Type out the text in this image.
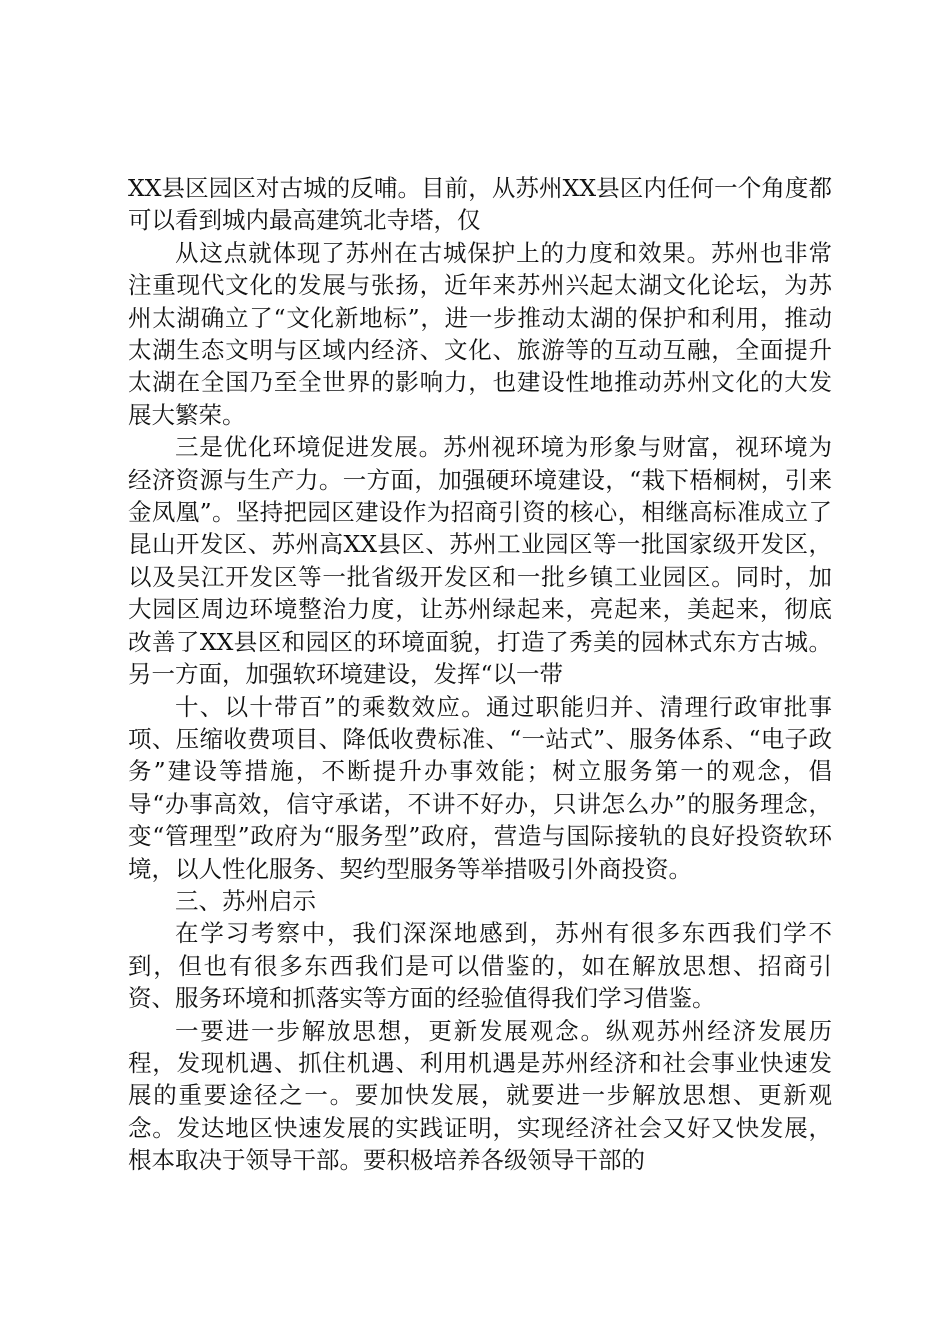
XX县区园区对古城的反哺。目前，从苏州XX县区内任何一个角度都可以看到城内最高建筑北寺塔，仅

从这点就体现了苏州在古城保护上的力度和效果。苏州也非常注重现代文化的发展与张扬，近年来苏州兴起太湖文化论坛，为苏州太湖确立了“文化新地标”，进一步推动太湖的保护和利用，推动太湖生态文明与区域内经济、文化、旅游等的互动互融，全面提升太湖在全国乃至全世界的影响力，也建设性地推动苏州文化的大发展大繁荣。

三是优化环境促进发展。苏州视环境为形象与财富，视环境为经济资源与生产力。一方面，加强硬环境建设，“栽下梧桐树，引来金凤凰”。坚持把园区建设作为招商引资的核心，相继高标准成立了昆山开发区、苏州高XX县区、苏州工业园区等一批国家级开发区，以及吴江开发区等一批省级开发区和一批乡镇工业园区。同时，加大园区周边环境整治力度，让苏州绿起来，亮起来，美起来，彻底改善了XX县区和园区的环境面貌，打造了秀美的园林式东方古城。另一方面，加强软环境建设，发挥“以一带

十、以十带百”的乘数效应。通过职能归并、清理行政审批事项、压缩收费项目、降低收费标准、“一站式”、服务体系、“电子政务”建设等措施，不断提升办事效能；树立服务第一的观念，倡导“办事高效，信守承诺，不讲不好办，只讲怎么办”的服务理念，变“管理型”政府为“服务型”政府，营造与国际接轨的良好投资软环境，以人性化服务、契约型服务等举措吸引外商投资。

三、苏州启示

在学习考察中，我们深深地感到，苏州有很多东西我们学不到，但也有很多东西我们是可以借鉴的，如在解放思想、招商引资、服务环境和抓落实等方面的经验值得我们学习借鉴。

一要进一步解放思想，更新发展观念。纵观苏州经济发展历程，发现机遇、抓住机遇、利用机遇是苏州经济和社会事业快速发展的重要途径之一。要加快发展，就要进一步解放思想、更新观念。发达地区快速发展的实践证明，实现经济社会又好又快发展，根本取决于领导干部。要积极培养各级领导干部的
